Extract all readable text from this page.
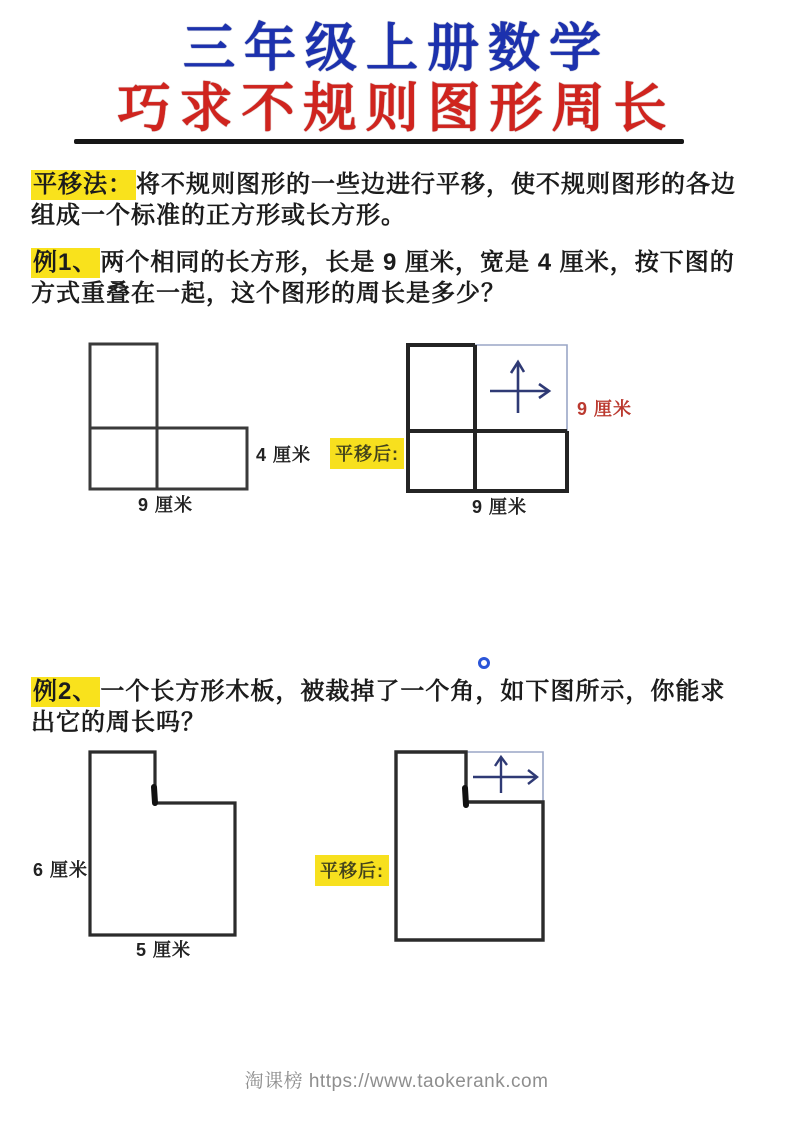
三年级上册数学
巧求不规则图形周长
平移法： 将不规则图形的一些边进行平移，使不规则图形的各边
组成一个标准的正方形或长方形。
例1、 两个相同的长方形，长是 9 厘米，宽是 4 厘米，按下图的
方式重叠在一起，这个图形的周长是多少？
4 厘米
9 厘米
平移后:
9 厘米
9 厘米
例2、 一个长方形木板，被裁掉了一个角，如下图所示，你能求
出它的周长吗？
6 厘米
5 厘米
平移后:
淘课榜 https://www.taokerank.com
